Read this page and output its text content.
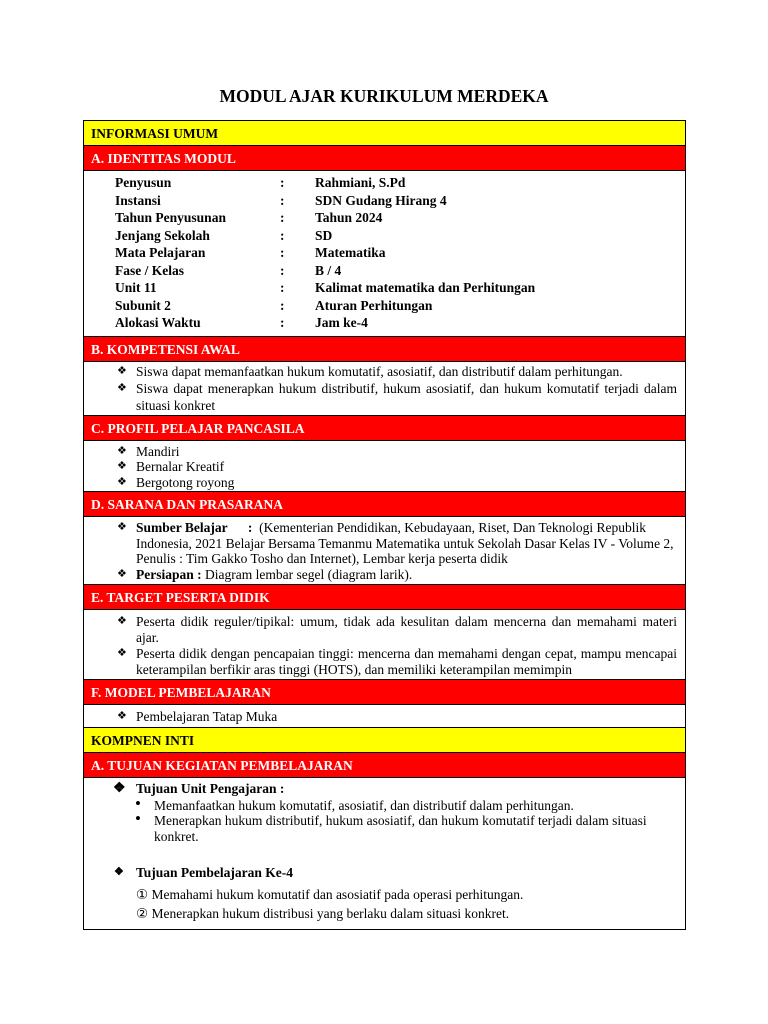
MODUL AJAR KURIKULUM MERDEKA
INFORMASI UMUM
A. IDENTITAS MODUL
Penyusun	: Rahmiani, S.Pd
Instansi	: SDN Gudang Hirang 4
Tahun Penyusunan	: Tahun 2024
Jenjang Sekolah	: SD
Mata Pelajaran	: Matematika
Fase / Kelas	: B / 4
Unit 11	: Kalimat matematika dan Perhitungan
Subunit 2	: Aturan Perhitungan
Alokasi Waktu	: Jam ke-4
B. KOMPETENSI AWAL
❖ Siswa dapat memanfaatkan hukum komutatif, asosiatif, dan distributif dalam perhitungan.
❖ Siswa dapat menerapkan hukum distributif, hukum asosiatif, dan hukum komutatif terjadi dalam situasi konkret
C. PROFIL PELAJAR PANCASILA
❖ Mandiri
❖ Bernalar Kreatif
❖ Bergotong royong
D. SARANA DAN PRASARANA
❖ Sumber Belajar : (Kementerian Pendidikan, Kebudayaan, Riset, Dan Teknologi Republik Indonesia, 2021 Belajar Bersama Temanmu Matematika untuk Sekolah Dasar Kelas IV - Volume 2, Penulis : Tim Gakko Tosho dan Internet), Lembar kerja peserta didik
❖ Persiapan : Diagram lembar segel (diagram larik).
E. TARGET PESERTA DIDIK
❖ Peserta didik reguler/tipikal: umum, tidak ada kesulitan dalam mencerna dan memahami materi ajar.
❖ Peserta didik dengan pencapaian tinggi: mencerna dan memahami dengan cepat, mampu mencapai keterampilan berfikir aras tinggi (HOTS), dan memiliki keterampilan memimpin
F. MODEL PEMBELAJARAN
❖ Pembelajaran Tatap Muka
KOMPNEN INTI
A. TUJUAN KEGIATAN PEMBELAJARAN
❖ Tujuan Unit Pengajaran :
• Memanfaatkan hukum komutatif, asosiatif, dan distributif dalam perhitungan.
• Menerapkan hukum distributif, hukum asosiatif, dan hukum komutatif terjadi dalam situasi konkret.
❖ Tujuan Pembelajaran Ke-4
① Memahami hukum komutatif dan asosiatif pada operasi perhitungan.
② Menerapkan hukum distribusi yang berlaku dalam situasi konkret.
